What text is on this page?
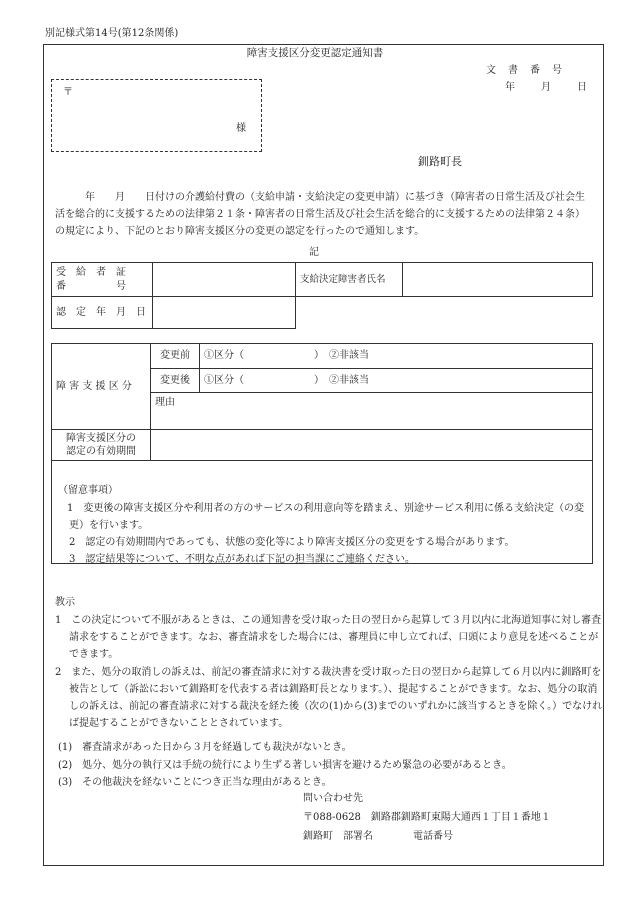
別記様式第14号(第12条関係)
障害支援区分変更認定通知書
文　書　番　号
年　　月　　日
〒
様
釧路町長
　　　年　　月　　日付けの介護給付費の（支給申請・支給決定の変更申請）に基づき（障害者の日常生活及び社会生活を総合的に支援するための法律第２１条・障害者の日常生活及び社会生活を総合的に支援するための法律第２４条）の規定により、下記のとおり障害支援区分の変更の認定を行ったので通知します。
記
受　給　者　証
番　　　　　号		支給決定障害者氏名	
認　定　年　月　日			
障 害 支 援 区 分	変更前	①区分（　　　　　　　）　②非該当
	変更後	①区分（　　　　　　　）　②非該当
	理由	

障害支援区分の
認定の有効期間		

（留意事項）
1　変更後の障害支援区分や利用者の方のサービスの利用意向等を踏まえ、別途サービス利用に係る支給決定（の変更）を行います。
2　認定の有効期間内であっても、状態の変化等により障害支援区分の変更をする場合があります。
3　認定結果等について、不明な点があれば下記の担当課にご連絡ください。
教示
1　この決定について不服があるときは、この通知書を受け取った日の翌日から起算して３月以内に北海道知事に対し審査請求をすることができます。なお、審査請求をした場合には、審理員に申し立てれば、口頭により意見を述べることができます。
2　また、処分の取消しの訴えは、前記の審査請求に対する裁決書を受け取った日の翌日から起算して６月以内に釧路町を被告として（訴訟において釧路町を代表する者は釧路町長となります。）、提起することができます。なお、処分の取消しの訴えは、前記の審査請求に対する裁決を経た後（次の(1)から(3)までのいずれかに該当するときを除く。）でなければ提起することができないこととされています。
(1)　審査請求があった日から３月を経過しても裁決がないとき。
(2)　処分、処分の執行又は手続の続行により生ずる著しい損害を避けるため緊急の必要があるとき。
(3)　その他裁決を経ないことにつき正当な理由があるとき。
問い合わせ先
〒088-0628　釧路郡釧路町東陽大通西１丁目１番地１
釧路町　部署名　　　　電話番号
